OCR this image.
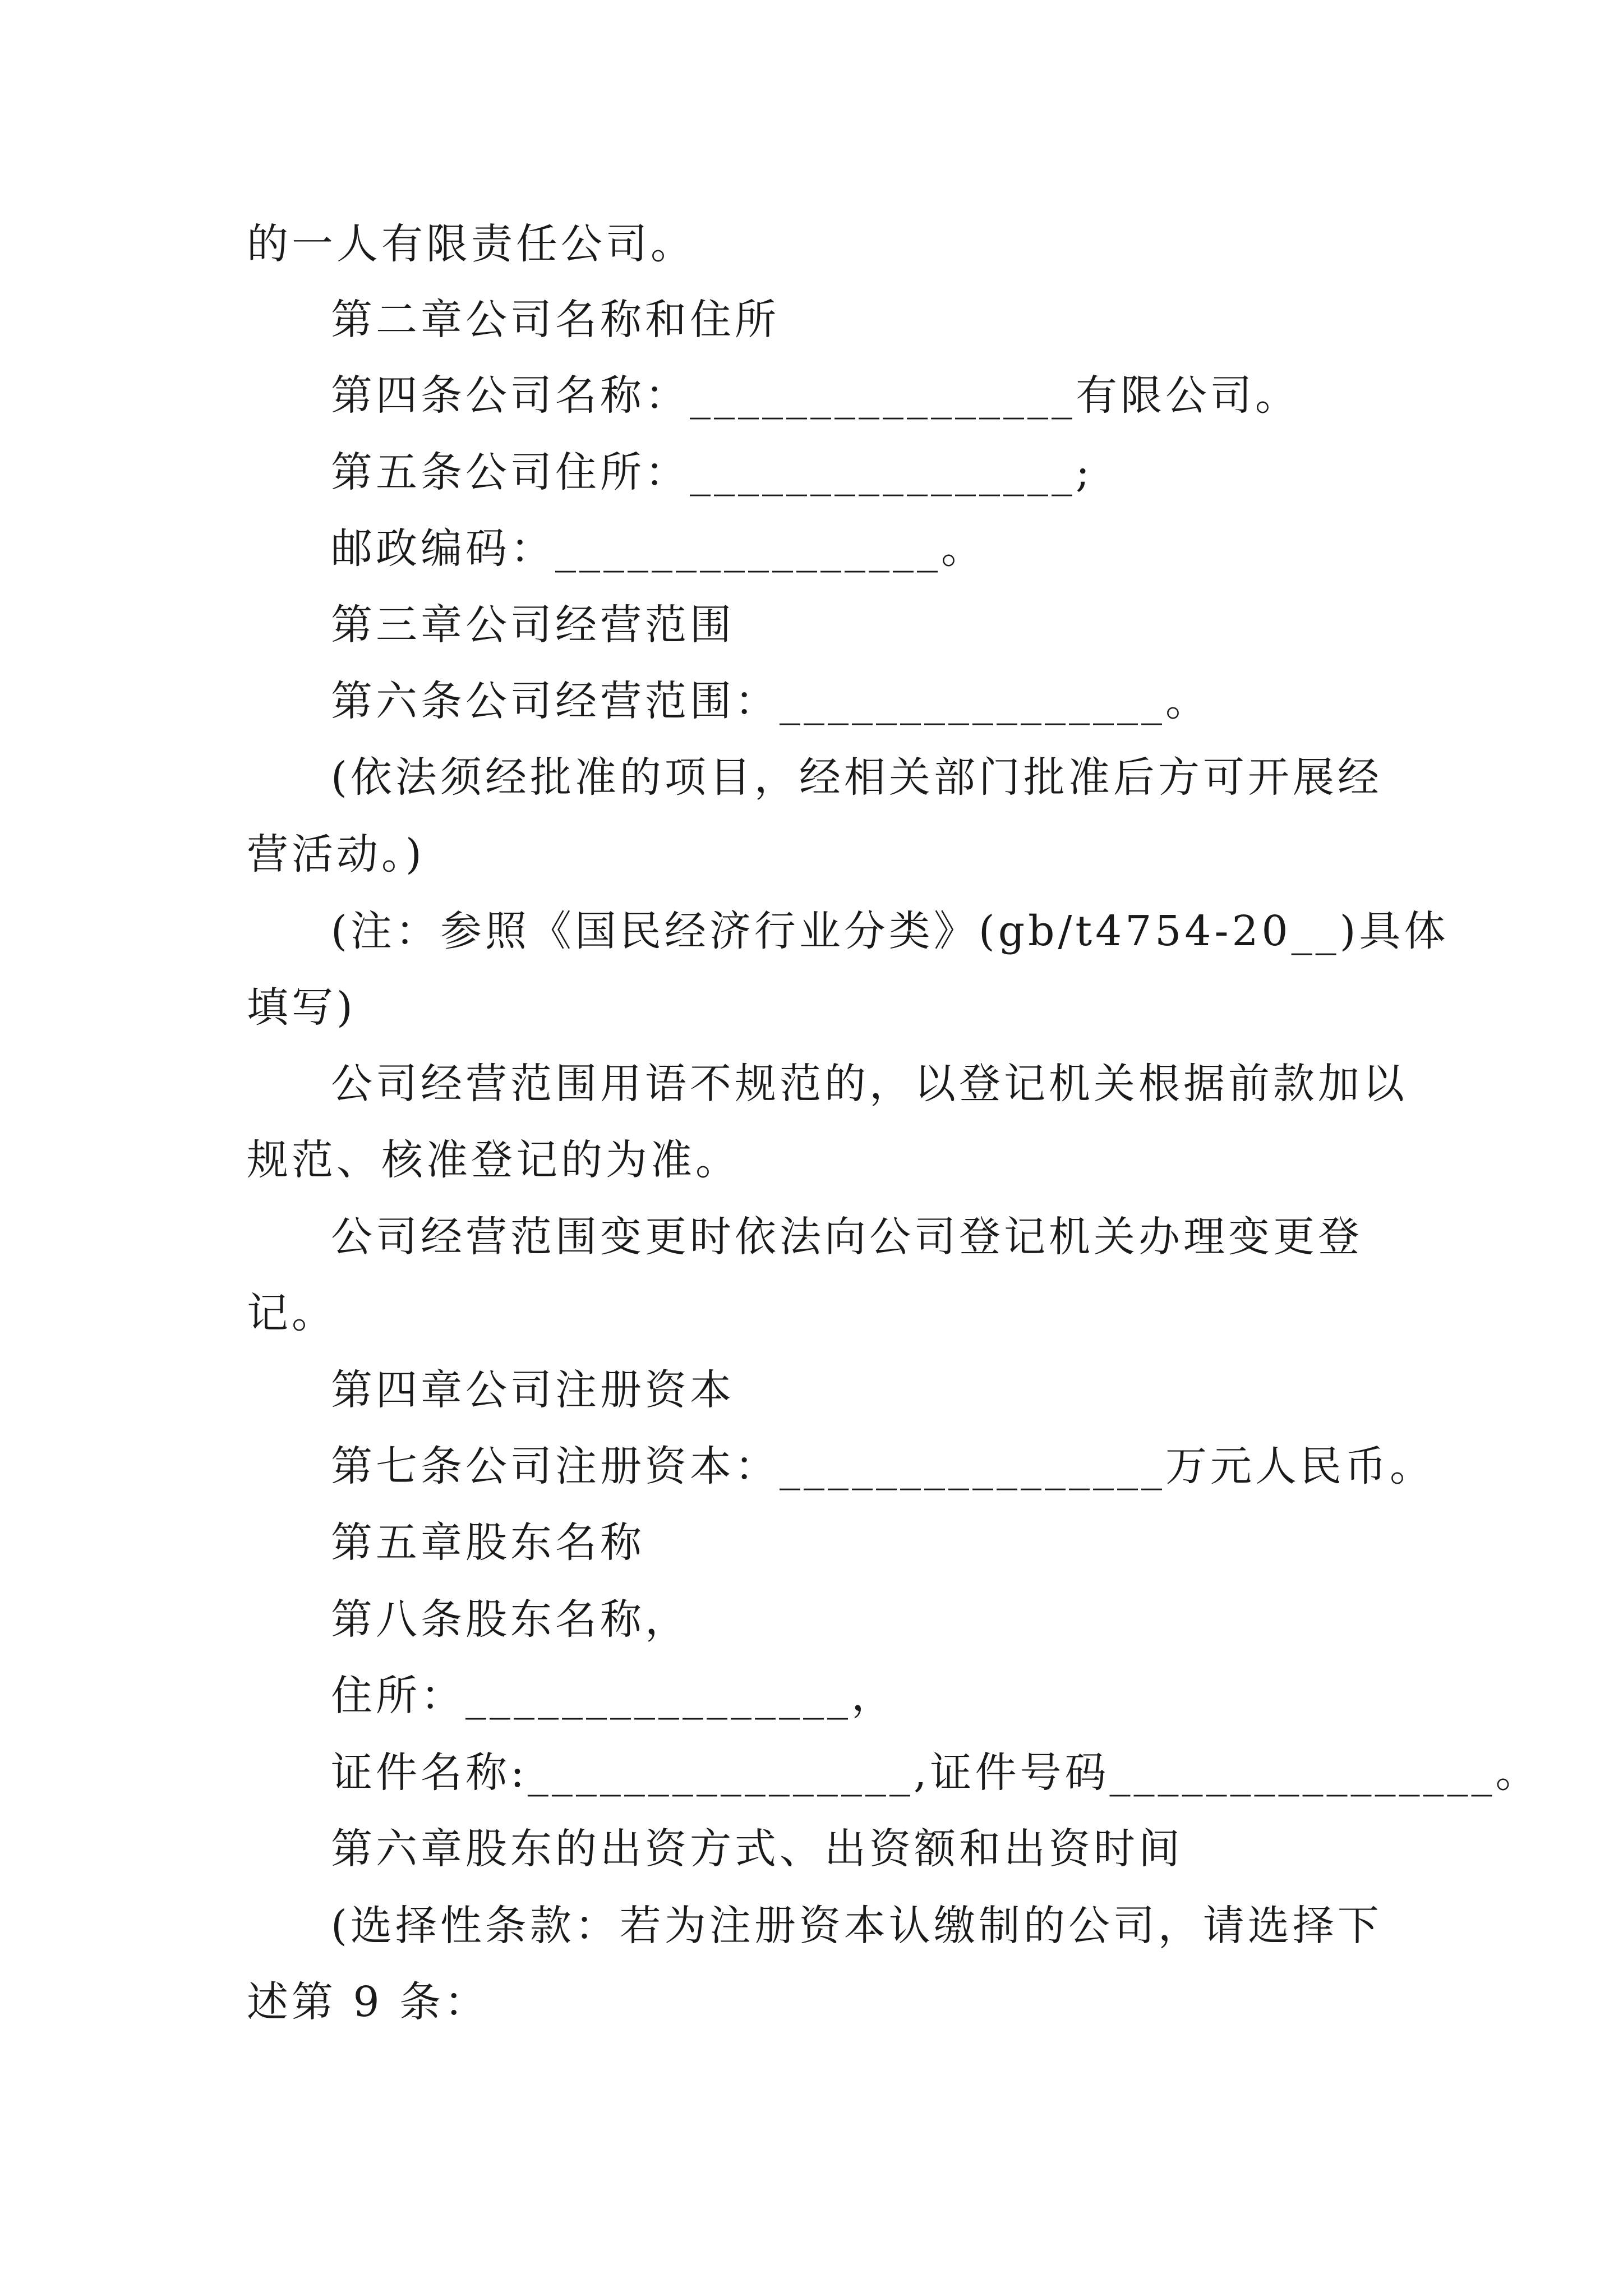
的一人有限责任公司。
第二章公司名称和住所
第四条公司名称：________________有限公司。
第五条公司住所：________________;
邮政编码：________________。
第三章公司经营范围
第六条公司经营范围：________________。
(依法须经批准的项目，经相关部门批准后方可开展经
营活动。)
(注：参照《国民经济行业分类》(gb/t4754-20__)具体
填写)
公司经营范围用语不规范的，以登记机关根据前款加以
规范、核准登记的为准。
公司经营范围变更时依法向公司登记机关办理变更登
记。
第四章公司注册资本
第七条公司注册资本：________________万元人民币。
第五章股东名称
第八条股东名称，
住所：________________，
证件名称:________________,证件号码________________。
第六章股东的出资方式、出资额和出资时间
(选择性条款：若为注册资本认缴制的公司，请选择下
述第 9 条：
